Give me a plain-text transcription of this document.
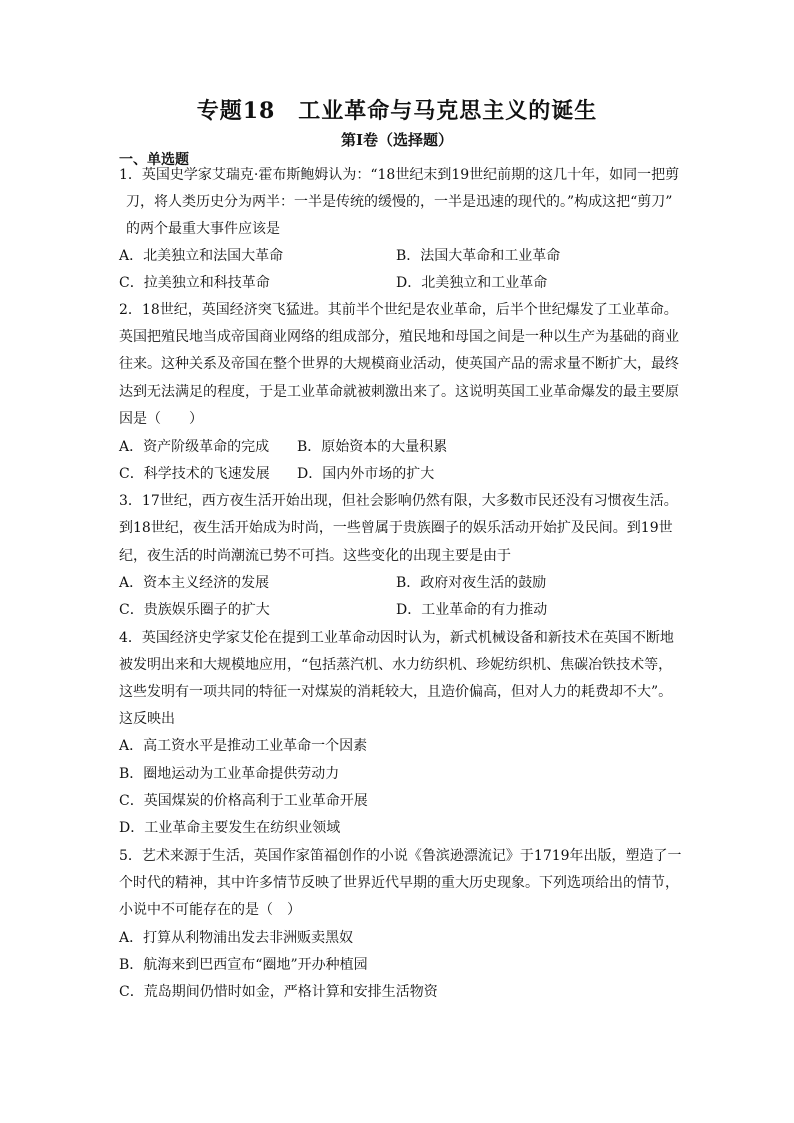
专题18　工业革命与马克思主义的诞生
第Ⅰ卷（选择题）
一、单选题
1．英国史学家艾瑞克·霍布斯鲍姆认为：“18世纪末到19世纪前期的这几十年，如同一把剪
刀，将人类历史分为两半：一半是传统的缓慢的，一半是迅速的现代的。”构成这把“剪刀”
的两个最重大事件应该是
A．北美独立和法国大革命	B．法国大革命和工业革命
C．拉美独立和科技革命	D．北美独立和工业革命
2．18世纪，英国经济突飞猛进。其前半个世纪是农业革命，后半个世纪爆发了工业革命。
英国把殖民地当成帝国商业网络的组成部分，殖民地和母国之间是一种以生产为基础的商业
往来。这种关系及帝国在整个世界的大规模商业活动，使英国产品的需求量不断扩大，最终
达到无法满足的程度，于是工业革命就被刺激出来了。这说明英国工业革命爆发的最主要原
因是（　　）
A．资产阶级革命的完成 B．原始资本的大量积累
C．科学技术的飞速发展 D．国内外市场的扩大
3．17世纪，西方夜生活开始出现，但社会影响仍然有限，大多数市民还没有习惯夜生活。
到18世纪，夜生活开始成为时尚，一些曾属于贵族圈子的娱乐活动开始扩及民间。到19世
纪，夜生活的时尚潮流已势不可挡。这些变化的出现主要是由于
A．资本主义经济的发展	B．政府对夜生活的鼓励
C．贵族娱乐圈子的扩大	D．工业革命的有力推动
4．英国经济史学家艾伦在提到工业革命动因时认为，新式机械设备和新技术在英国不断地
被发明出来和大规模地应用，“包括蒸汽机、水力纺织机、珍妮纺织机、焦碳冶铁技术等，
这些发明有一项共同的特征一对煤炭的消耗较大，且造价偏高，但对人力的耗费却不大”。
这反映出
A．高工资水平是推动工业革命一个因素
B．圈地运动为工业革命提供劳动力
C．英国煤炭的价格高利于工业革命开展
D．工业革命主要发生在纺织业领域
5．艺术来源于生活，英国作家笛福创作的小说《鲁滨逊漂流记》于1719年出版，塑造了一
个时代的精神，其中许多情节反映了世界近代早期的重大历史现象。下列选项给出的情节，
小说中不可能存在的是（　）
A．打算从利物浦出发去非洲贩卖黑奴
B．航海来到巴西宣布“圈地”开办种植园
C．荒岛期间仍惜时如金，严格计算和安排生活物资
